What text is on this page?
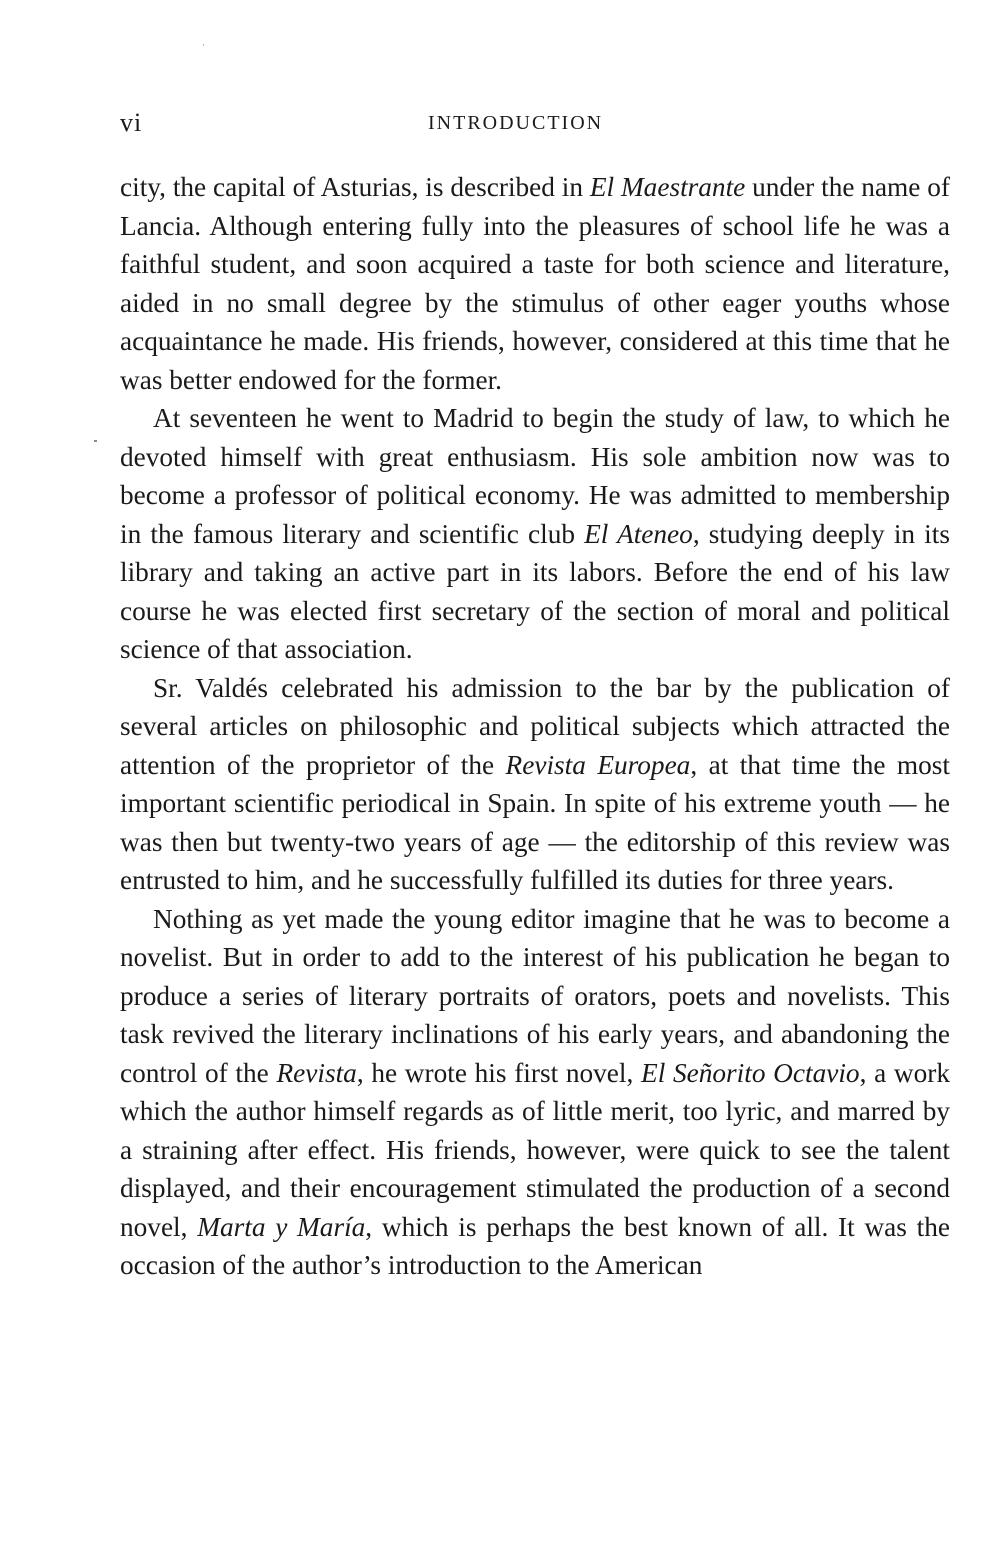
vi	INTRODUCTION

city, the capital of Asturias, is described in El Maestrante under the name of Lancia. Although entering fully into the pleasures of school life he was a faithful student, and soon acquired a taste for both science and literature, aided in no small degree by the stimulus of other eager youths whose acquaintance he made. His friends, however, considered at this time that he was better endowed for the former.

At seventeen he went to Madrid to begin the study of law, to which he devoted himself with great enthusiasm. His sole ambition now was to become a professor of political economy. He was admitted to membership in the famous literary and scientific club El Ateneo, studying deeply in its library and taking an active part in its labors. Before the end of his law course he was elected first secretary of the section of moral and political science of that association.

Sr. Valdés celebrated his admission to the bar by the publication of several articles on philosophic and political subjects which attracted the attention of the proprietor of the Revista Europea, at that time the most important scientific periodical in Spain. In spite of his extreme youth — he was then but twenty-two years of age — the editorship of this review was entrusted to him, and he successfully fulfilled its duties for three years.

Nothing as yet made the young editor imagine that he was to become a novelist. But in order to add to the interest of his publication he began to produce a series of literary portraits of orators, poets and novelists. This task revived the literary inclinations of his early years, and abandoning the control of the Revista, he wrote his first novel, El Señorito Octavio, a work which the author himself regards as of little merit, too lyric, and marred by a straining after effect. His friends, however, were quick to see the talent displayed, and their encouragement stimulated the production of a second novel, Marta y María, which is perhaps the best known of all. It was the occasion of the author’s introduction to the American
